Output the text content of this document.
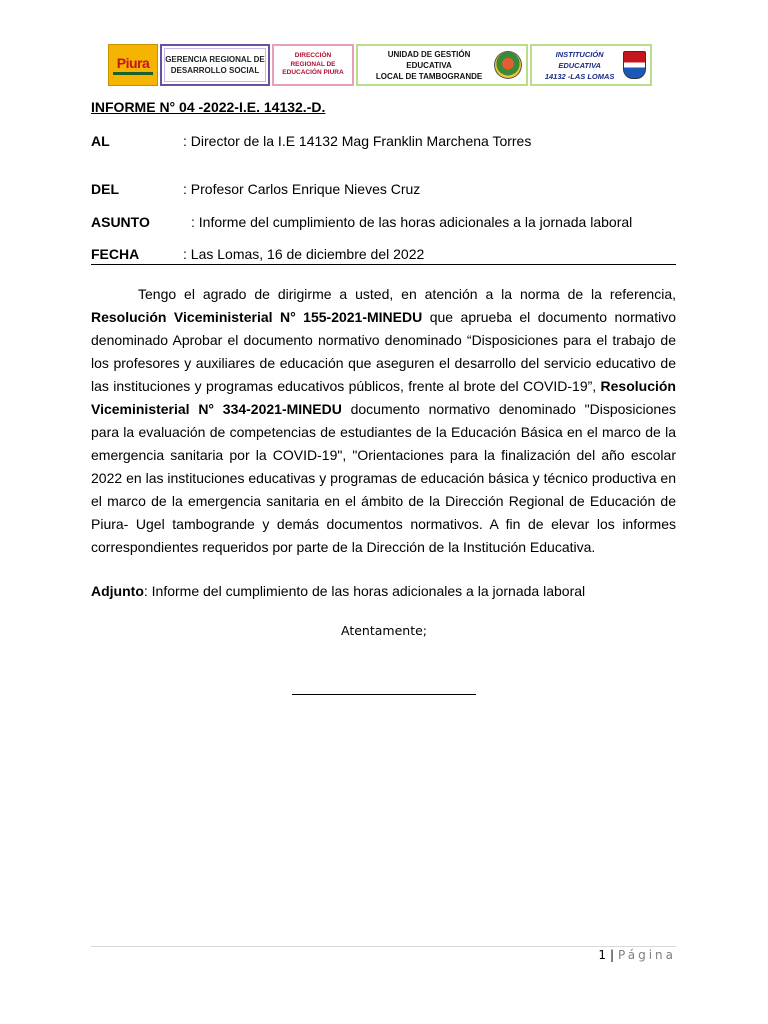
Piura GERENCIA REGIONAL DE
DESARROLLO SOCIAL
DIRECCIÓN
REGIONAL DE
EDUCACIÓN PIURA
UNIDAD DE GESTIÓN EDUCATIVA
LOCAL DE TAMBOGRANDE
INSTITUCIÓN EDUCATIVA
14132 -LAS LOMAS
INFORME N° 04 -2022-I.E. 14132.-D.
AL	: Director de la I.E 14132 Mag Franklin Marchena Torres
DEL	: Profesor Carlos Enrique Nieves Cruz
ASUNTO	: Informe del cumplimiento de las horas adicionales a la jornada laboral
FECHA	: Las Lomas, 16 de diciembre del 2022

Tengo el agrado de dirigirme a usted, en atención a la norma de la referencia, Resolución Viceministerial N° 155-2021-MINEDU que aprueba el documento normativo denominado Aprobar el documento normativo denominado “Disposiciones para el trabajo de los profesores y auxiliares de educación que aseguren el desarrollo del servicio educativo de las instituciones y programas educativos públicos, frente al brote del COVID-19”, Resolución Viceministerial N° 334-2021-MINEDU documento normativo denominado "Disposiciones para la evaluación de competencias de estudiantes de la Educación Básica en el marco de la emergencia sanitaria por la COVID-19", "Orientaciones para la finalización del año escolar 2022 en las instituciones educativas y programas de educación básica y técnico productiva en el marco de la emergencia sanitaria en el ámbito de la Dirección Regional de Educación de Piura- Ugel tambogrande y demás documentos normativos. A fin de elevar los informes correspondientes requeridos por parte de la Dirección de la Institución Educativa.

Adjunto: Informe del cumplimiento de las horas adicionales a la jornada laboral
Atentamente;
1 | Página
